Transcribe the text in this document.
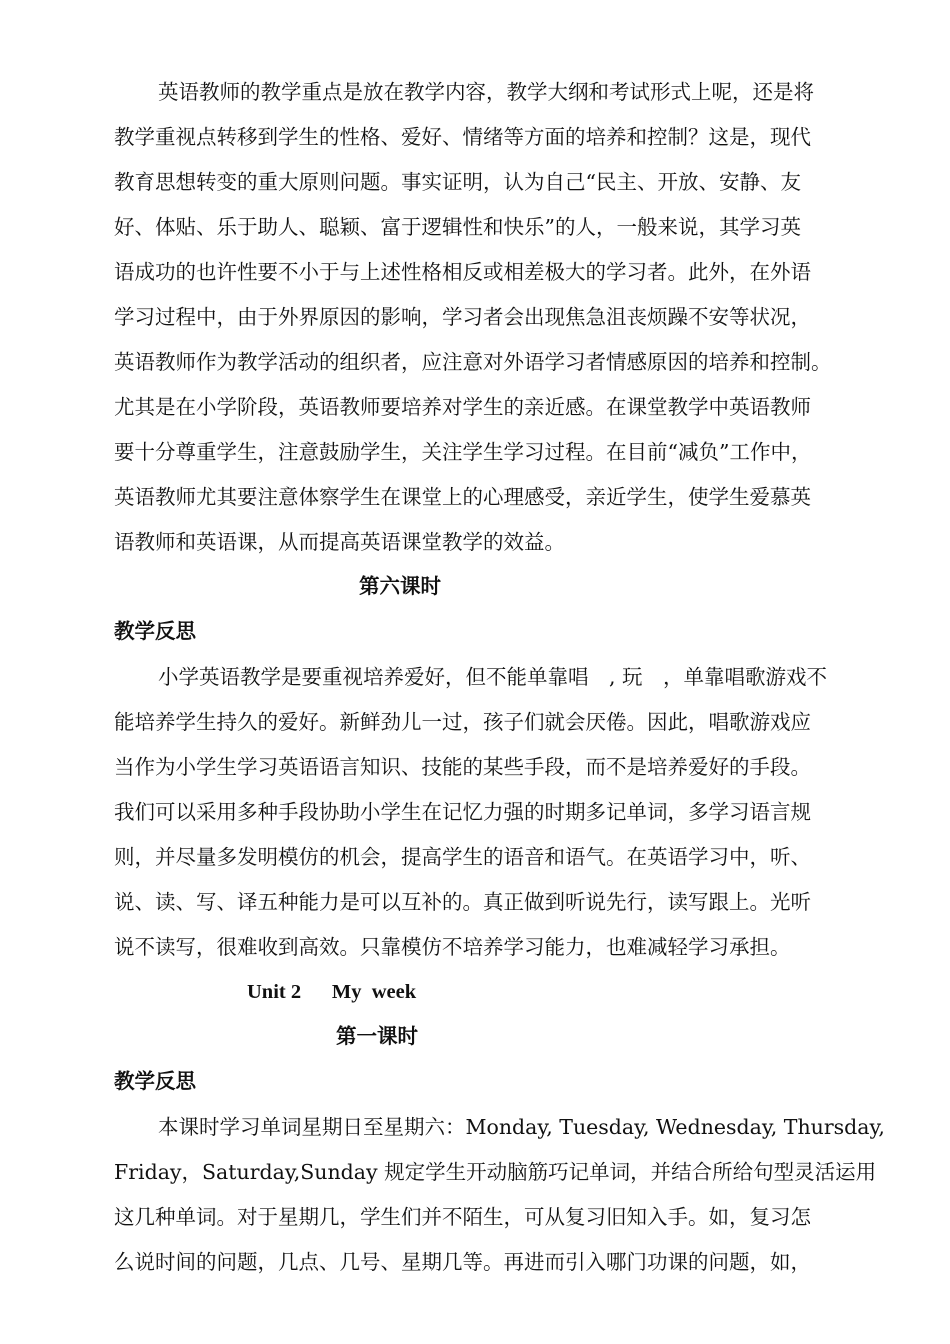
英语教师的教学重点是放在教学内容，教学大纲和考试形式上呢，还是将
教学重视点转移到学生的性格、爱好、情绪等方面的培养和控制？这是，现代
教育思想转变的重大原则问题。事实证明，认为自己“民主、开放、安静、友
好、体贴、乐于助人、聪颖、富于逻辑性和快乐”的人，一般来说，其学习英
语成功的也许性要不小于与上述性格相反或相差极大的学习者。此外，在外语
学习过程中，由于外界原因的影响，学习者会出现焦急沮丧烦躁不安等状况，
英语教师作为教学活动的组织者，应注意对外语学习者情感原因的培养和控制。
尤其是在小学阶段，英语教师要培养对学生的亲近感。在课堂教学中英语教师
要十分尊重学生，注意鼓励学生，关注学生学习过程。在目前“减负”工作中，
英语教师尤其要注意体察学生在课堂上的心理感受，亲近学生，使学生爱慕英
语教师和英语课，从而提高英语课堂教学的效益。
第六课时
教学反思
小学英语教学是要重视培养爱好，但不能单靠唱　, 玩　，单靠唱歌游戏不
能培养学生持久的爱好。新鲜劲儿一过，孩子们就会厌倦。因此，唱歌游戏应
当作为小学生学习英语语言知识、技能的某些手段，而不是培养爱好的手段。
我们可以采用多种手段协助小学生在记忆力强的时期多记单词，多学习语言规
则，并尽量多发明模仿的机会，提高学生的语音和语气。在英语学习中，听、
说、读、写、译五种能力是可以互补的。真正做到听说先行，读写跟上。光听
说不读写，很难收到高效。只靠模仿不培养学习能力，也难减轻学习承担。
Unit 2　  My  week
第一课时
教学反思
本课时学习单词星期日至星期六：Monday, Tuesday, Wednesday, Thursday,
Friday，Saturday,Sunday 规定学生开动脑筋巧记单词，并结合所给句型灵活运用
这几种单词。对于星期几，学生们并不陌生，可从复习旧知入手。如，复习怎
么说时间的问题，几点、几号、星期几等。再进而引入哪门功课的问题，如，
